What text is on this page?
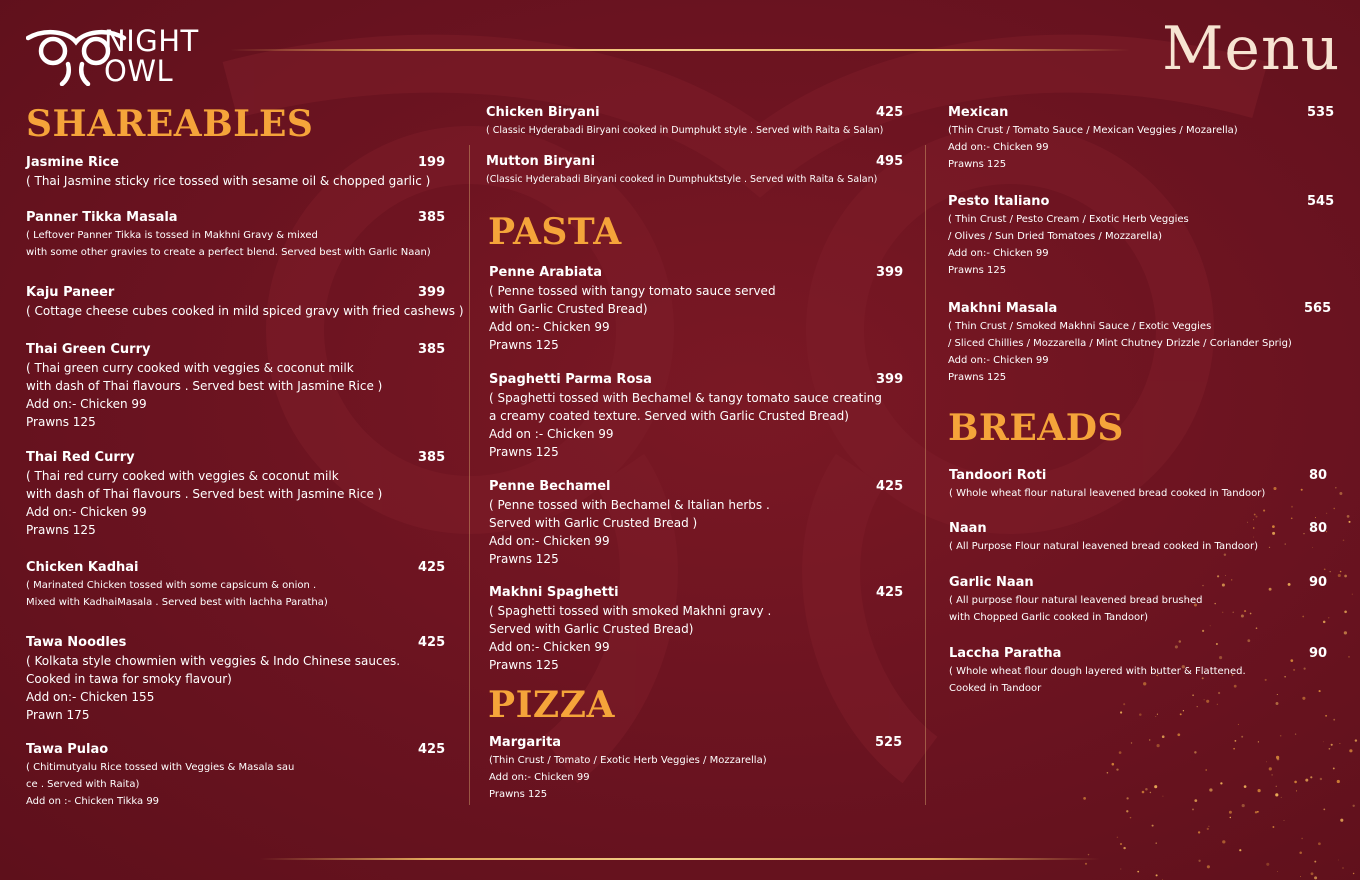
NIGHT
OWL	Menu
SHAREABLES
PASTA
PIZZA
BREADS
Jasmine Rice	199
( Thai Jasmine sticky rice tossed with sesame oil & chopped garlic )
Panner Tikka Masala	385
( Leftover Panner Tikka is tossed in Makhni Gravy & mixed
with some other gravies to create a perfect blend. Served best with Garlic Naan)
Kaju Paneer	399
( Cottage cheese cubes cooked in mild spiced gravy with fried cashews )
Thai Green Curry	385
( Thai green curry cooked with veggies & coconut milk
with dash of Thai flavours . Served best with Jasmine Rice )
Add on:- Chicken 99
Prawns 125
Thai Red Curry	385
( Thai red curry cooked with veggies & coconut milk
with dash of Thai flavours . Served best with Jasmine Rice )
Add on:- Chicken 99
Prawns 125
Chicken Kadhai	425
( Marinated Chicken tossed with some capsicum & onion .
Mixed with KadhaiMasala . Served best with lachha Paratha)
Tawa Noodles	425
( Kolkata style chowmien with veggies & Indo Chinese sauces.
Cooked in tawa for smoky flavour)
Add on:- Chicken 155
Prawn 175
Tawa Pulao	425
( Chitimutyalu Rice tossed with Veggies & Masala sau
ce . Served with Raita)
Add on :- Chicken Tikka 99
Chicken Biryani	425
( Classic Hyderabadi Biryani cooked in Dumphukt style . Served with Raita & Salan)
Mutton Biryani	495
(Classic Hyderabadi Biryani cooked in Dumphuktstyle . Served with Raita & Salan)
Penne Arabiata	399
( Penne tossed with tangy tomato sauce served
with Garlic Crusted Bread)
Add on:- Chicken 99
Prawns 125
Spaghetti Parma Rosa	399
( Spaghetti tossed with Bechamel & tangy tomato sauce creating
a creamy coated texture. Served with Garlic Crusted Bread)
Add on :- Chicken 99
Prawns 125
Penne Bechamel	425
( Penne tossed with Bechamel & Italian herbs .
Served with Garlic Crusted Bread )
Add on:- Chicken 99
Prawns 125
Makhni Spaghetti	425
( Spaghetti tossed with smoked Makhni gravy .
Served with Garlic Crusted Bread)
Add on:- Chicken 99
Prawns 125
Margarita	525
(Thin Crust / Tomato / Exotic Herb Veggies / Mozzarella)
Add on:- Chicken 99
Prawns 125
Mexican	535
(Thin Crust / Tomato Sauce / Mexican Veggies / Mozarella)
Add on:- Chicken 99
Prawns 125
Pesto Italiano	545
( Thin Crust / Pesto Cream / Exotic Herb Veggies
/ Olives / Sun Dried Tomatoes / Mozzarella)
Add on:- Chicken 99
Prawns 125
Makhni Masala	565
( Thin Crust / Smoked Makhni Sauce / Exotic Veggies
/ Sliced Chillies / Mozzarella / Mint Chutney Drizzle / Coriander Sprig)
Add on:- Chicken 99
Prawns 125
Tandoori Roti	80
( Whole wheat flour natural leavened bread cooked in Tandoor)
Naan	80
( All Purpose Flour natural leavened bread cooked in Tandoor)
Garlic Naan	90
( All purpose flour natural leavened bread brushed
with Chopped Garlic cooked in Tandoor)
Laccha Paratha	90
( Whole wheat flour dough layered with butter & Flattened.
Cooked in Tandoor
